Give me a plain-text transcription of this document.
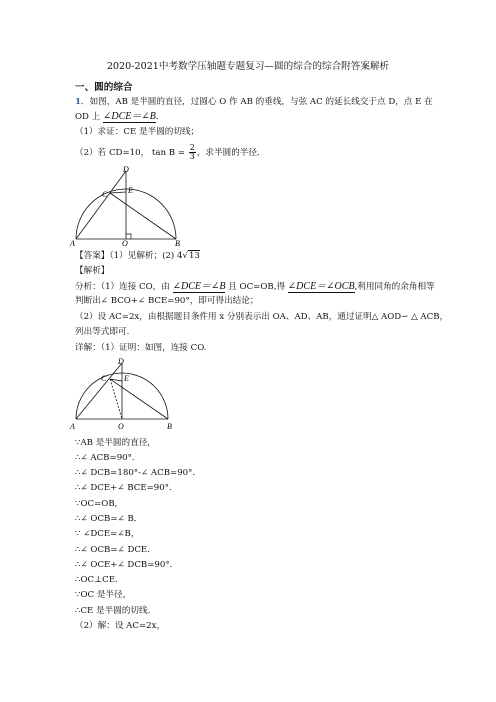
2020-2021中考数学压轴题专题复习—圆的综合的综合附答案解析
一、圆的综合
1．如图，AB 是半圆的直径，过圆心 O 作 AB 的垂线，与弦 AC 的延长线交于点 D，点 E 在
OD 上 ∠DCE＝∠B．
（1）求证：CE 是半圆的切线；
（2）若 CD=10， $\tan B = \frac{2}{3}$ ，求半圆的半径．
D
E
C
A	O	B
【答案】（1）见解析；(2) 4√13
【解析】
分析：（1）连接 CO，由 ∠DCE＝∠B 且 OC=OB,得 ∠DCE＝∠OCB,利用同角的余角相等
判断出∠ BCO+∠ BCE=90°，即可得出结论；
（2）设 AC=2x，由根据题目条件用 x 分别表示出 OA、AD、AB，通过证明△ AOD∽ △ ACB，
列出等式即可.
详解：（1）证明：如图，连接 CO.
D
E
C
A	O	B
∵AB 是半圆的直径，
∴∠ ACB=90°．
∴∠ DCB=180°-∠ ACB=90°．
∴∠ DCE+∠ BCE=90°．
∵OC=OB,
∴∠ OCB=∠ B．
∵ ∠DCE=∠B，
∴∠ OCB=∠ DCE．
∴∠ OCE+∠ DCB=90°．
∴OC⊥CE.
∵OC 是半径，
∴CE 是半圆的切线.
（2）解：设 AC=2x，
